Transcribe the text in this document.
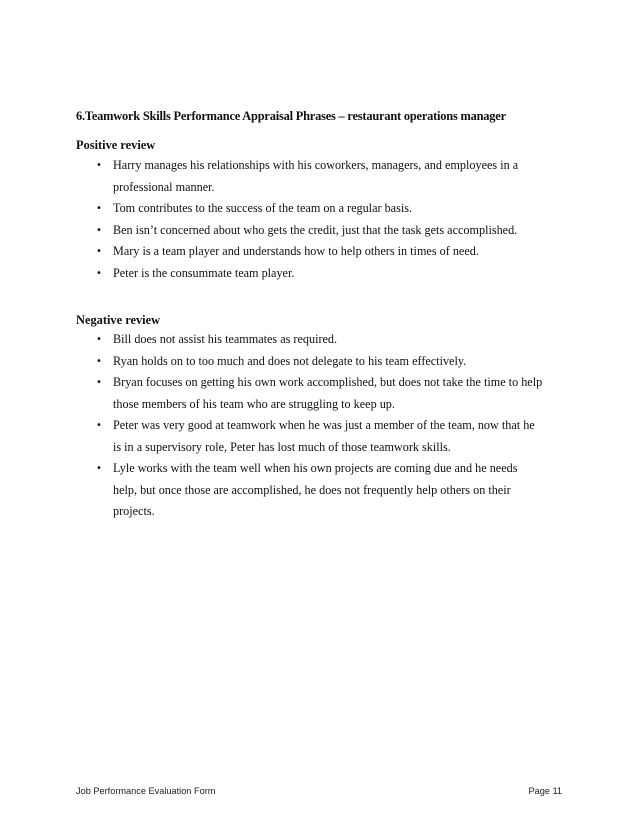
6.Teamwork Skills Performance Appraisal Phrases – restaurant operations manager
Positive review
• Harry manages his relationships with his coworkers, managers, and employees in a professional manner.
• Tom contributes to the success of the team on a regular basis.
• Ben isn’t concerned about who gets the credit, just that the task gets accomplished.
• Mary is a team player and understands how to help others in times of need.
• Peter is the consummate team player.
Negative review
• Bill does not assist his teammates as required.
• Ryan holds on to too much and does not delegate to his team effectively.
• Bryan focuses on getting his own work accomplished, but does not take the time to help those members of his team who are struggling to keep up.
• Peter was very good at teamwork when he was just a member of the team, now that he is in a supervisory role, Peter has lost much of those teamwork skills.
• Lyle works with the team well when his own projects are coming due and he needs help, but once those are accomplished, he does not frequently help others on their projects.
Job Performance Evaluation Form	Page 11
